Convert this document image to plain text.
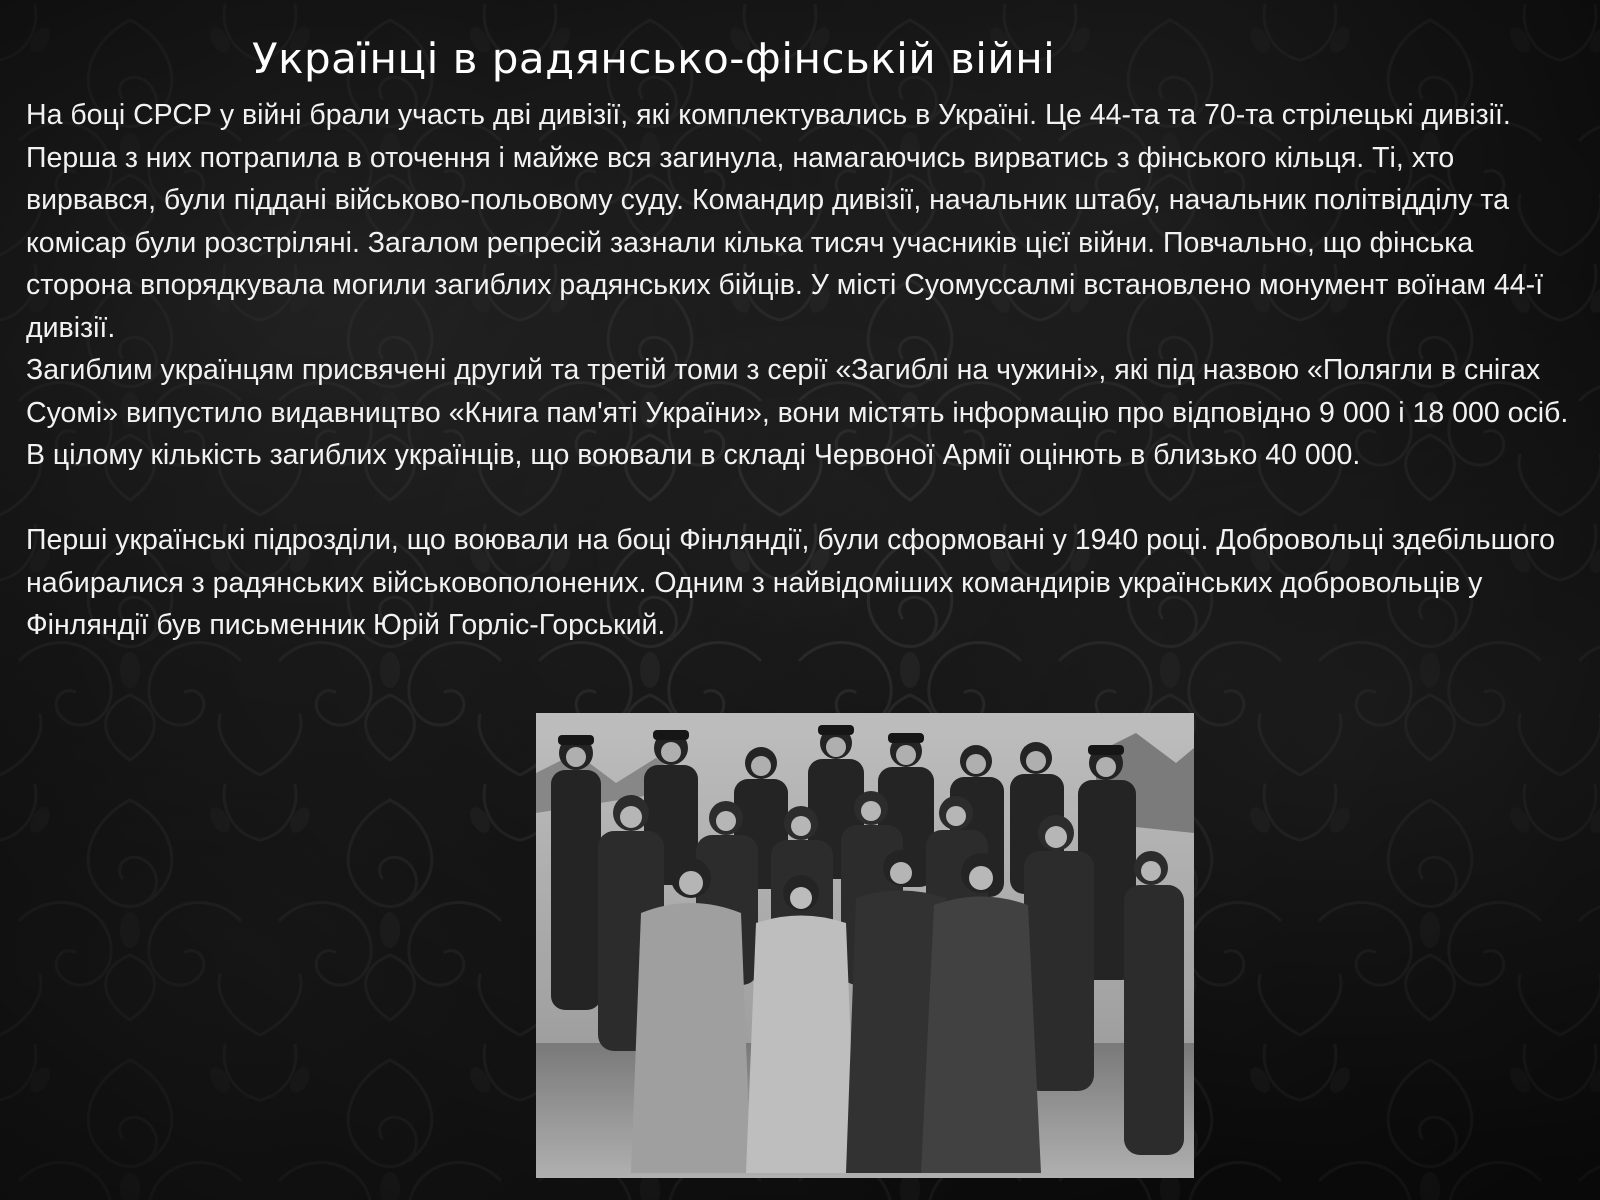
Українці в радянсько-фінській війні

На боці СРСР у війні брали участь дві дивізії, які комплектувались в Україні. Це 44-та та 70-та стрілецькі дивізії. Перша з них потрапила в оточення і майже вся загинула, намагаючись вирватись з фінського кільця. Ті, хто вирвався, були піддані військово-польовому суду. Командир дивізії, начальник штабу, начальник політвідділу та комісар були розстріляні. Загалом репресій зазнали кілька тисяч учасників цієї війни. Повчально, що фінська сторона впорядкувала могили загиблих радянських бійців. У місті Суомуссалмі встановлено монумент воїнам 44-ї дивізії.

Загиблим українцям присвячені другий та третій томи з серії «Загиблі на чужині», які під назвою «Полягли в снігах Суомі» випустило видавництво «Книга пам'яті України», вони містять інформацію про відповідно 9 000 і 18 000 осіб. В цілому кількість загиблих українців, що воювали в складі Червоної Армії оцінють в близько 40 000.

Перші українські підрозділи, що воювали на боці Фінляндії, були сформовані у 1940 році. Добровольці здебільшого набиралися з радянських військовополонених. Одним з найвідоміших командирів українських добровольців у Фінляндії був письменник Юрій Горліс-Горський.
